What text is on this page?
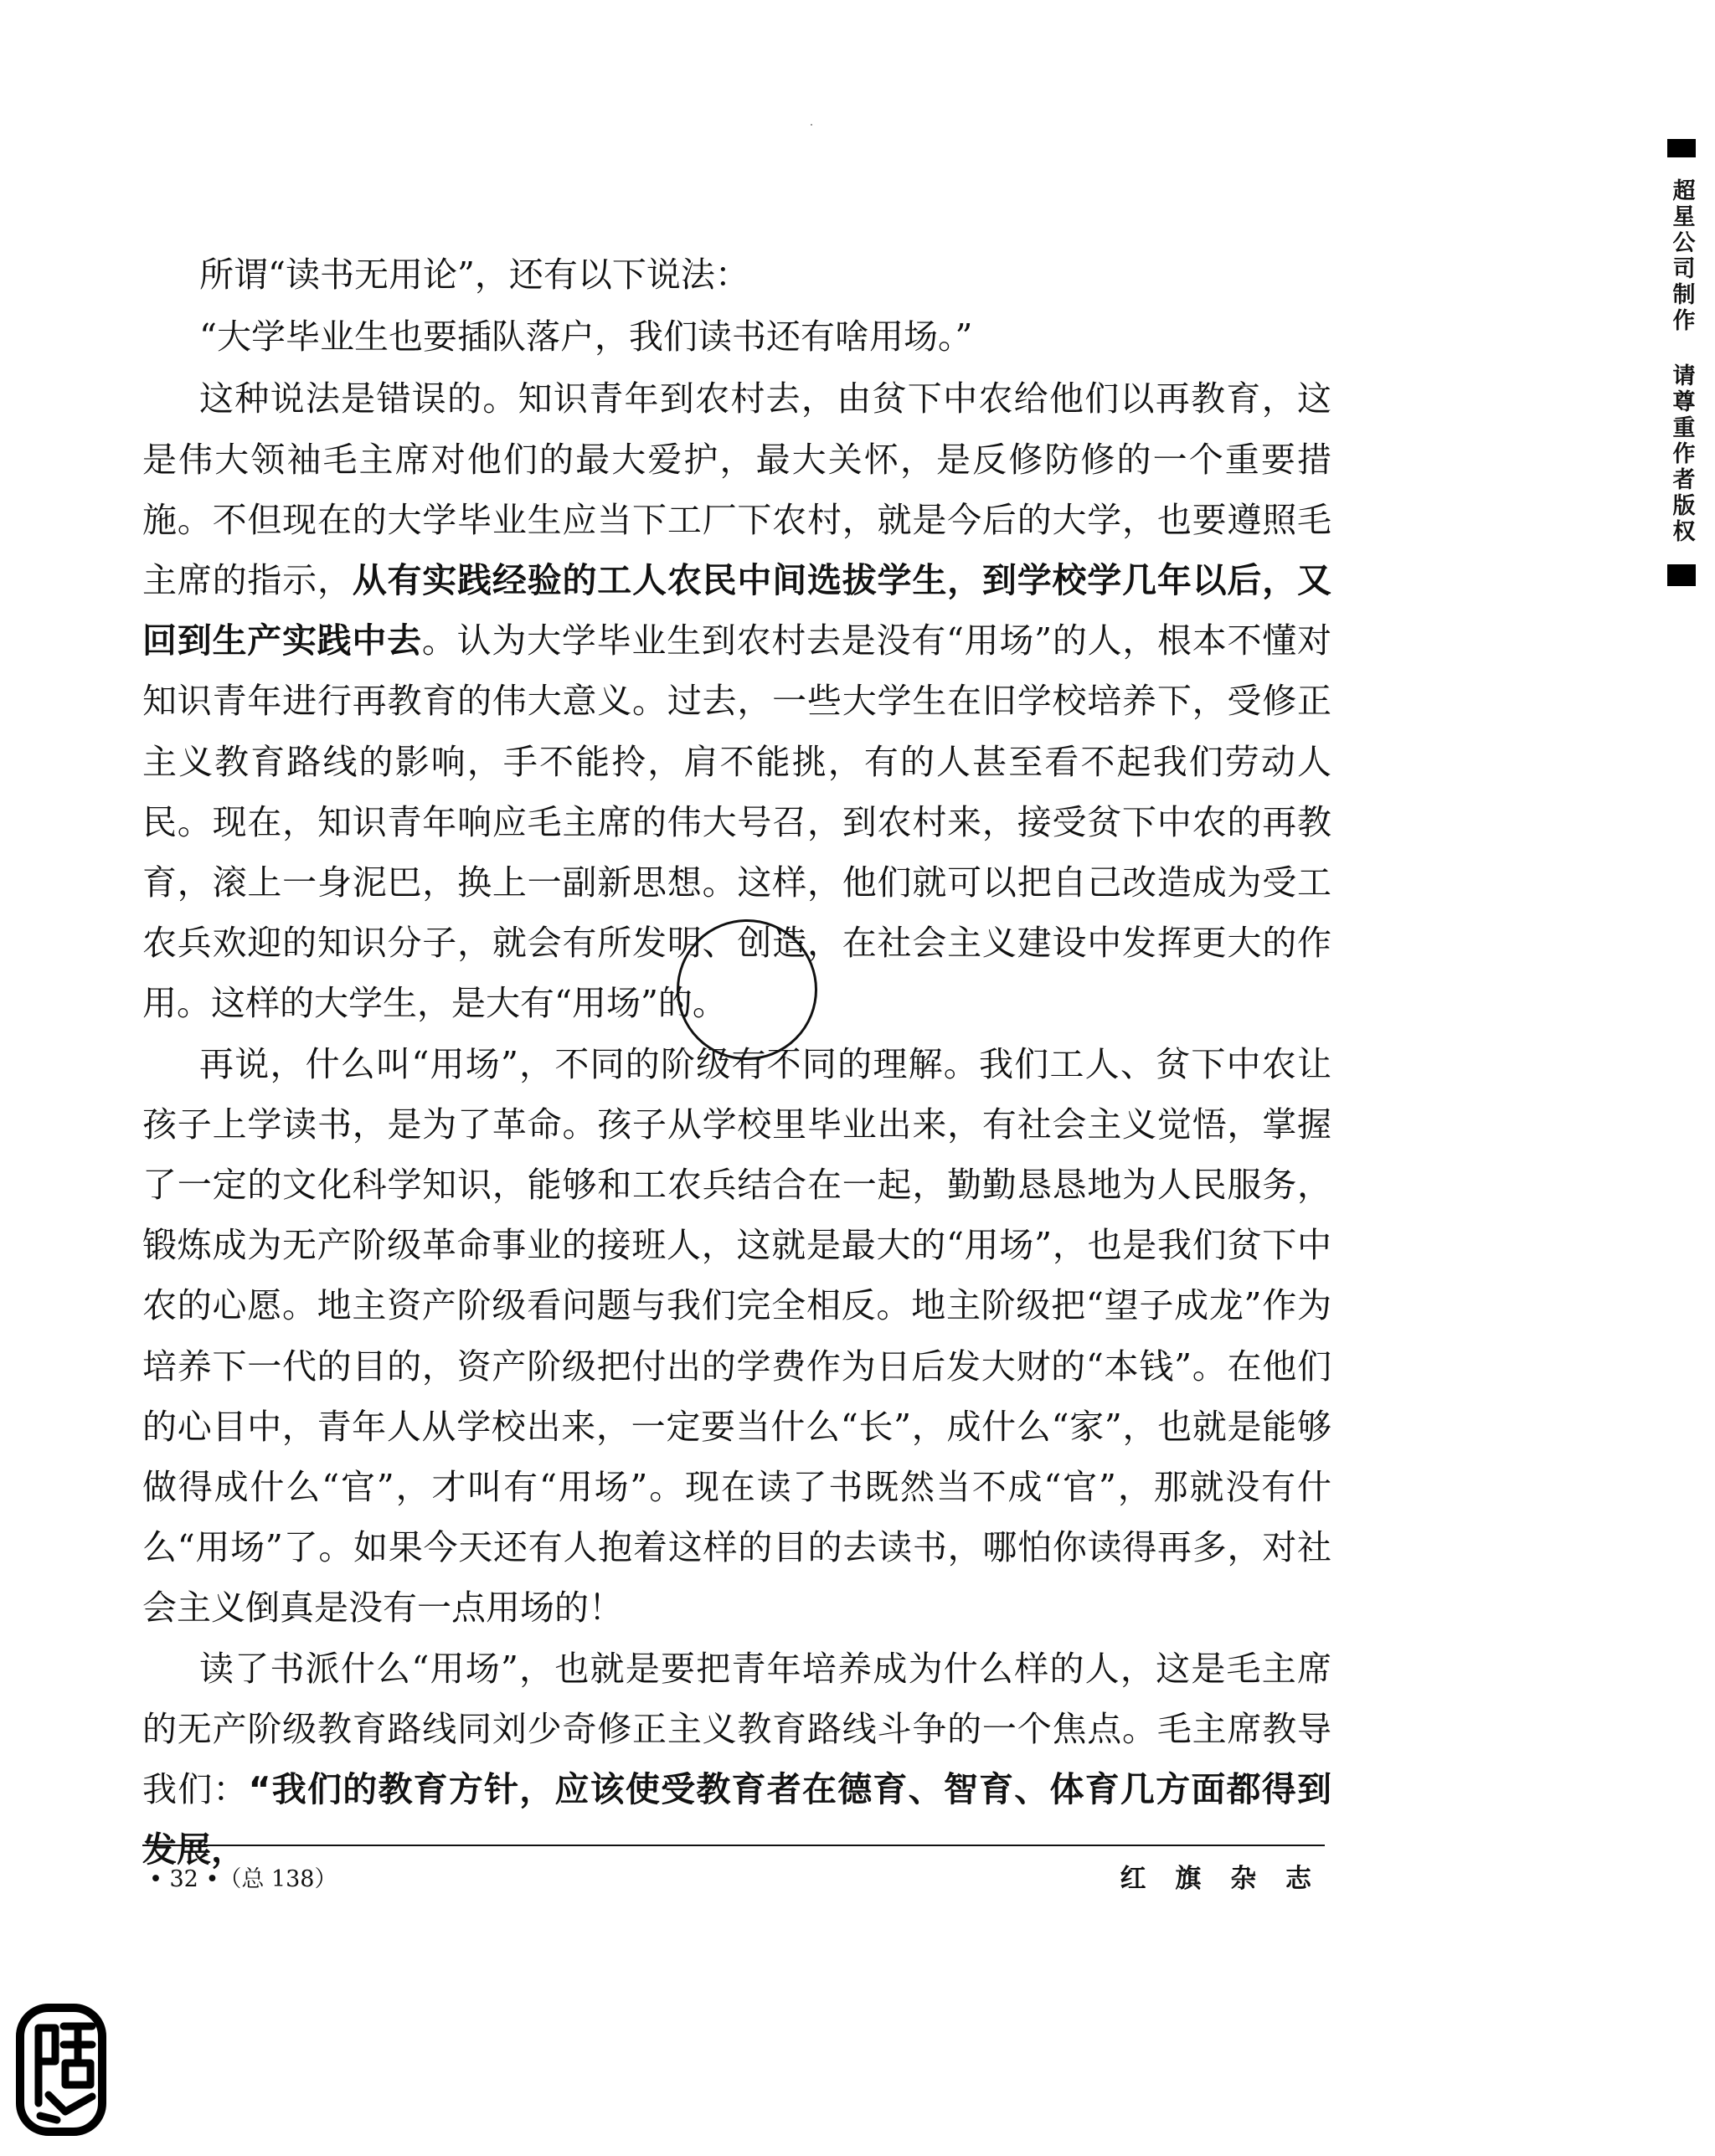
所谓“读书无用论”，还有以下说法：

“大学毕业生也要插队落户，我们读书还有啥用场。”

这种说法是错误的。知识青年到农村去，由贫下中农给他们以再教育，这是伟大领袖毛主席对他们的最大爱护，最大关怀，是反修防修的一个重要措施。不但现在的大学毕业生应当下工厂下农村，就是今后的大学，也要遵照毛主席的指示，从有实践经验的工人农民中间选拔学生，到学校学几年以后，又回到生产实践中去。认为大学毕业生到农村去是没有“用场”的人，根本不懂对知识青年进行再教育的伟大意义。过去，一些大学生在旧学校培养下，受修正主义教育路线的影响，手不能拎，肩不能挑，有的人甚至看不起我们劳动人民。现在，知识青年响应毛主席的伟大号召，到农村来，接受贫下中农的再教育，滚上一身泥巴，换上一副新思想。这样，他们就可以把自己改造成为受工农兵欢迎的知识分子，就会有所发明、创造，在社会主义建设中发挥更大的作用。这样的大学生，是大有“用场”的。

再说，什么叫“用场”，不同的阶级有不同的理解。我们工人、贫下中农让孩子上学读书，是为了革命。孩子从学校里毕业出来，有社会主义觉悟，掌握了一定的文化科学知识，能够和工农兵结合在一起，勤勤恳恳地为人民服务，锻炼成为无产阶级革命事业的接班人，这就是最大的“用场”，也是我们贫下中农的心愿。地主资产阶级看问题与我们完全相反。地主阶级把“望子成龙”作为培养下一代的目的，资产阶级把付出的学费作为日后发大财的“本钱”。在他们的心目中，青年人从学校出来，一定要当什么“长”，成什么“家”，也就是能够做得成什么“官”，才叫有“用场”。现在读了书既然当不成“官”，那就没有什么“用场”了。如果今天还有人抱着这样的目的去读书，哪怕你读得再多，对社会主义倒真是没有一点用场的！

读了书派什么“用场”，也就是要把青年培养成为什么样的人，这是毛主席的无产阶级教育路线同刘少奇修正主义教育路线斗争的一个焦点。毛主席教导我们：“我们的教育方针，应该使受教育者在德育、智育、体育几方面都得到发展，

• 32 •（总 138）	红 旗 杂 志
超星公司制作 请尊重作者版权
